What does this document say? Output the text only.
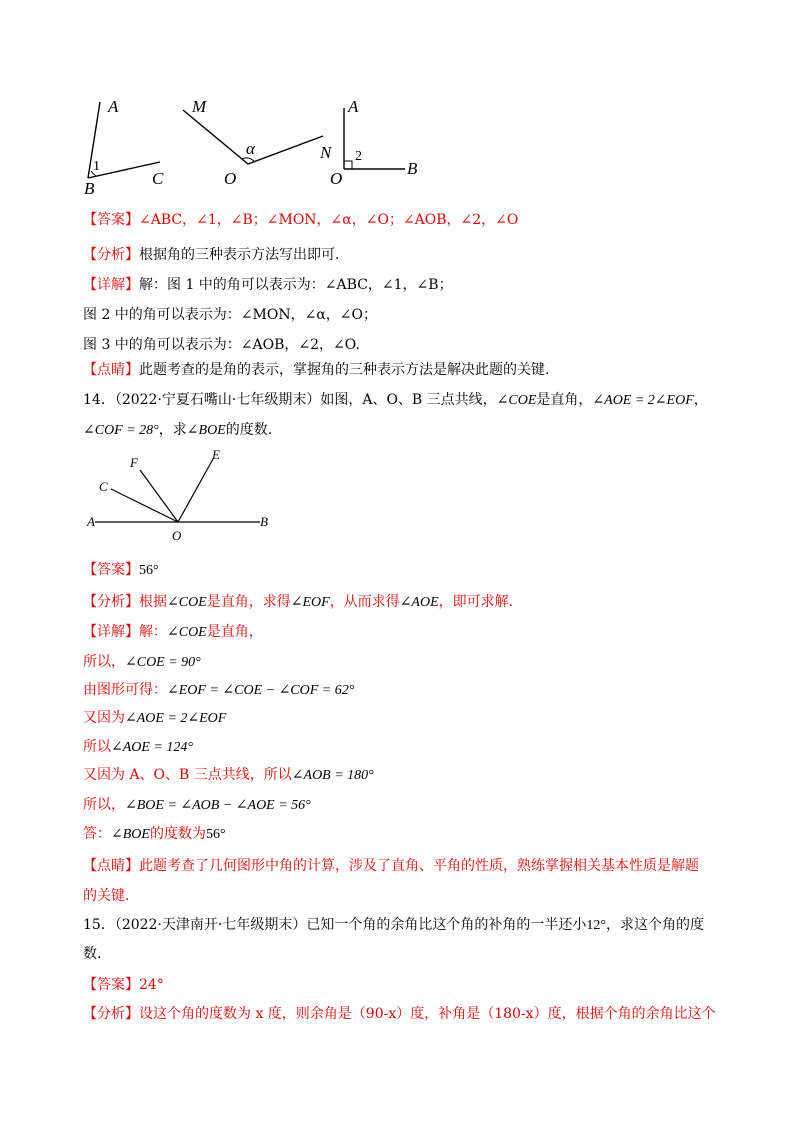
A
1
B
C
M
α
O
N
A
2
O
B
【答案】∠ABC，∠1，∠B；∠MON，∠α，∠O；∠AOB，∠2，∠O
【分析】根据角的三种表示方法写出即可.
【详解】解：图 1 中的角可以表示为：∠ABC，∠1，∠B；
图 2 中的角可以表示为：∠MON，∠α，∠O；
图 3 中的角可以表示为：∠AOB，∠2，∠O.
【点睛】此题考查的是角的表示，掌握角的三种表示方法是解决此题的关键.
14．（2022·宁夏石嘴山·七年级期末）如图，A、O、B 三点共线，∠COE是直角，∠AOE = 2∠EOF，
∠COF = 28°，求∠BOE的度数.
F
E
C
A
O
B
【答案】56°
【分析】根据∠COE是直角，求得∠EOF，从而求得∠AOE，即可求解.
【详解】解：∠COE是直角，
所以，∠COE = 90°
由图形可得：∠EOF = ∠COE − ∠COF = 62°
又因为∠AOE = 2∠EOF
所以∠AOE = 124°
又因为 A、O、B 三点共线，所以∠AOB = 180°
所以，∠BOE = ∠AOB − ∠AOE = 56°
答：∠BOE的度数为56°
【点睛】此题考查了几何图形中角的计算，涉及了直角、平角的性质，熟练掌握相关基本性质是解题
的关键.
15．（2022·天津南开·七年级期末）已知一个角的余角比这个角的补角的一半还小12°，求这个角的度
数.
【答案】24°
【分析】设这个角的度数为 x 度，则余角是（90-x）度，补角是（180-x）度，根据个角的余角比这个
